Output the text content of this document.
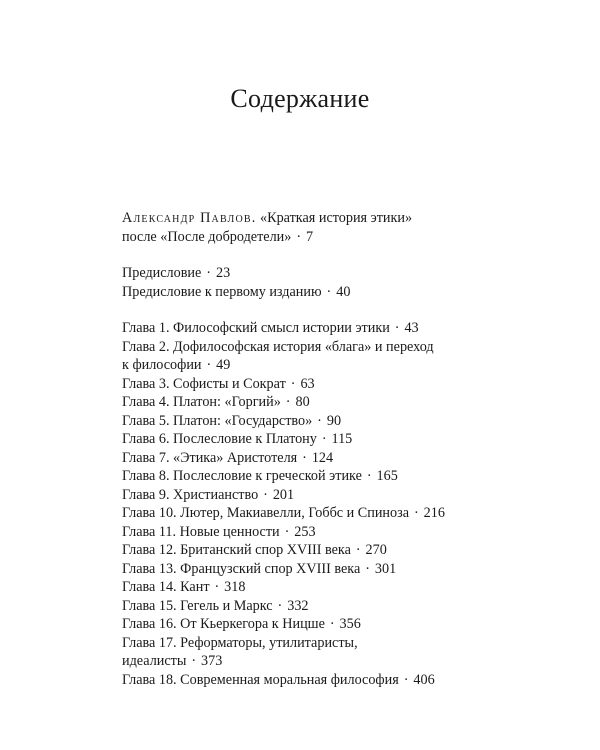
Содержание
Александр Павлов. «Краткая история этики»
после «После добродетели» · 7
Предисловие · 23
Предисловие к первому изданию · 40
Глава 1. Философский смысл истории этики · 43
Глава 2. Дофилософская история «блага» и переход
к философии · 49
Глава 3. Софисты и Сократ · 63
Глава 4. Платон: «Горгий» · 80
Глава 5. Платон: «Государство» · 90
Глава 6. Послесловие к Платону · 115
Глава 7. «Этика» Аристотеля · 124
Глава 8. Послесловие к греческой этике · 165
Глава 9. Христианство · 201
Глава 10. Лютер, Макиавелли, Гоббс и Спиноза · 216
Глава 11. Новые ценности · 253
Глава 12. Британский спор XVIII века · 270
Глава 13. Французский спор XVIII века · 301
Глава 14. Кант · 318
Глава 15. Гегель и Маркс · 332
Глава 16. От Кьеркегора к Ницше · 356
Глава 17. Реформаторы, утилитаристы,
идеалисты · 373
Глава 18. Современная моральная философия · 406
